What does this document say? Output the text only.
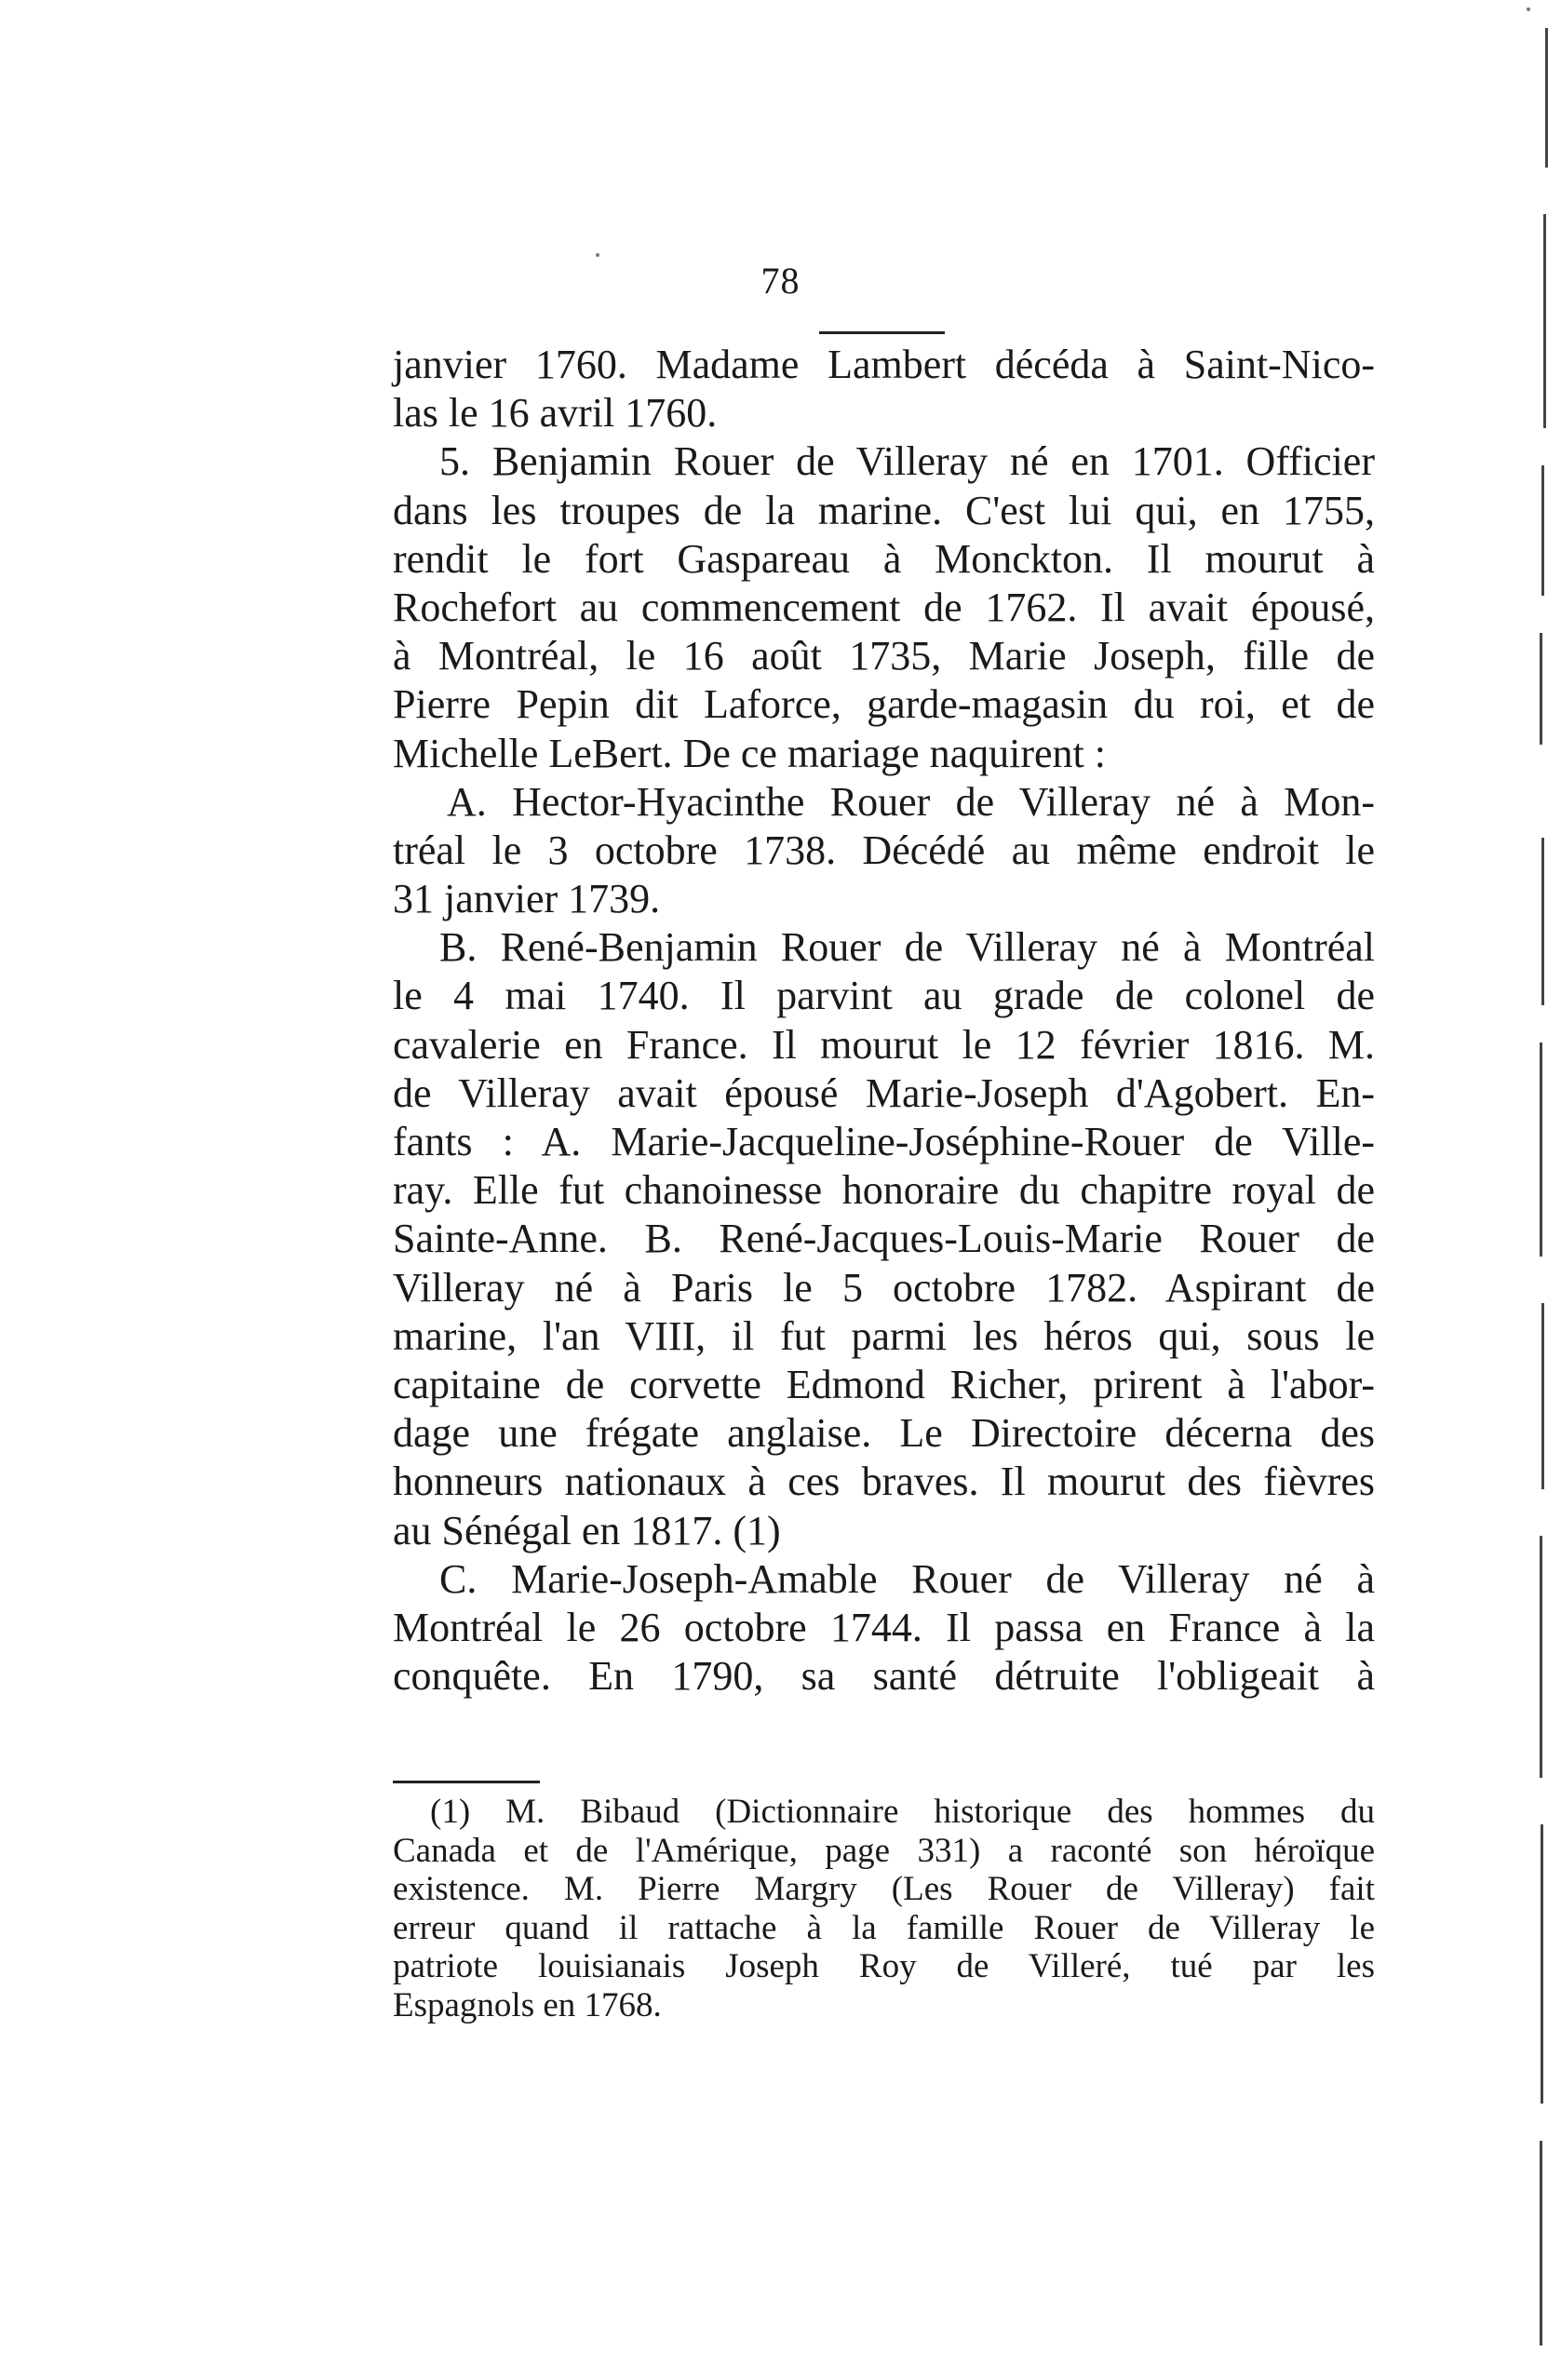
78
janvier 1760. Madame Lambert décéda à Saint-Nico-
las le 16 avril 1760.
5. Benjamin Rouer de Villeray né en 1701. Officier
dans les troupes de la marine. C'est lui qui, en 1755,
rendit le fort Gaspareau à Monckton. Il mourut à
Rochefort au commencement de 1762. Il avait épousé,
à Montréal, le 16 août 1735, Marie Joseph, fille de
Pierre Pepin dit Laforce, garde-magasin du roi, et de
Michelle LeBert. De ce mariage naquirent :
A. Hector-Hyacinthe Rouer de Villeray né à Mon-
tréal le 3 octobre 1738. Décédé au même endroit le
31 janvier 1739.
B. René-Benjamin Rouer de Villeray né à Montréal
le 4 mai 1740. Il parvint au grade de colonel de
cavalerie en France. Il mourut le 12 février 1816. M.
de Villeray avait épousé Marie-Joseph d'Agobert. En-
fants : A. Marie-Jacqueline-Joséphine-Rouer de Ville-
ray. Elle fut chanoinesse honoraire du chapitre royal de
Sainte-Anne. B. René-Jacques-Louis-Marie Rouer de
Villeray né à Paris le 5 octobre 1782. Aspirant de
marine, l'an VIII, il fut parmi les héros qui, sous le
capitaine de corvette Edmond Richer, prirent à l'abor-
dage une frégate anglaise. Le Directoire décerna des
honneurs nationaux à ces braves. Il mourut des fièvres
au Sénégal en 1817. (1)
C. Marie-Joseph-Amable Rouer de Villeray né à
Montréal le 26 octobre 1744. Il passa en France à la
conquête. En 1790, sa santé détruite l'obligeait à
(1) M. Bibaud (Dictionnaire historique des hommes du
Canada et de l'Amérique, page 331) a raconté son héroïque
existence. M. Pierre Margry (Les Rouer de Villeray) fait
erreur quand il rattache à la famille Rouer de Villeray le
patriote louisianais Joseph Roy de Villeré, tué par les
Espagnols en 1768.
